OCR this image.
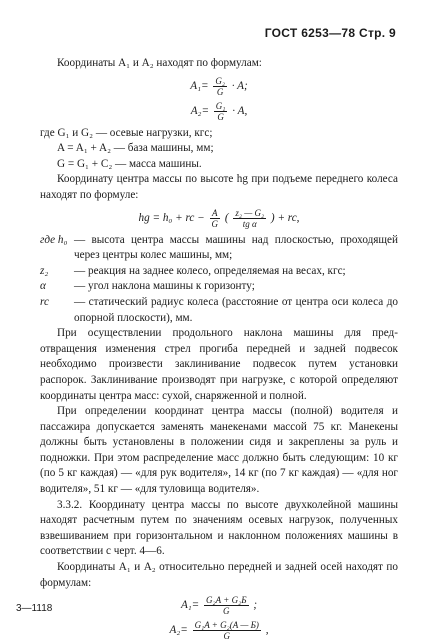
ГОСТ 6253—78 Стр. 9

Координаты A₁ и A₂ находят по формулам:

$A_1= \frac{\text{G₂}}{G} \cdot A$;

$A_2= \frac{\text{G₁}}{G} \cdot A$,

где G₁ и G₂ — осевые нагрузки, кгс;

A = A₁ + A₂ — база машины, мм;

G = G₁ + C₂ — масса машины.

Координату центра массы по высоте hg при подъеме переднего колеса находят по формуле:

hg = h₀ + rc − $\frac{A}{G}$ ( $\frac{\text{z₂ — G₂}}{\text{tg α}}$ ) + rc,

где h₀ — высота центра массы машины над плоскостью, проходящей через центры колес машины, мм;
z₂	— реакция на заднее колесо, определяемая на весах, кгс;
α	— угол наклона машины к горизонту;
rc	— статический радиус колеса (расстояние от центра оси колеса до опорной плоскости), мм.

При осуществлении продольного наклона машины для предотвращения изменения стрел прогиба передней и задней подвесок необходимо произвести заклинивание подвесок путем установки распорок. Заклинивание производят при нагрузке, с которой определяют координаты центра масс: сухой, снаряженной и полной.

При определении координат центра массы (полной) водителя и пассажира допускается заменять манекенами массой 75 кг. Манекены должны быть установлены в положении сидя и закреплены за руль и подножки. При этом распределение масс должно быть следующим: 10 кг (по 5 кг каждая) — «для рук водителя», 14 кг (по 7 кг каждая) — «для ног водителя», 51 кг — «для туловища водителя».

3.3.2. Координату центра массы по высоте двухколейной машины находят расчетным путем по значениям осевых нагрузок, полученных взвешиванием при горизонтальном и наклонном положениях машины в соответствии с черт. 4—6.

Координаты A₁ и A₂ относительно передней и задней осей находят по формулам:

$A_1= \frac{\text{G₂A + G₂Б}}{G}$ ;

$A_2= \frac{\text{G₁A + G₂(A — Б)}}{G}$ ,

3—1118
